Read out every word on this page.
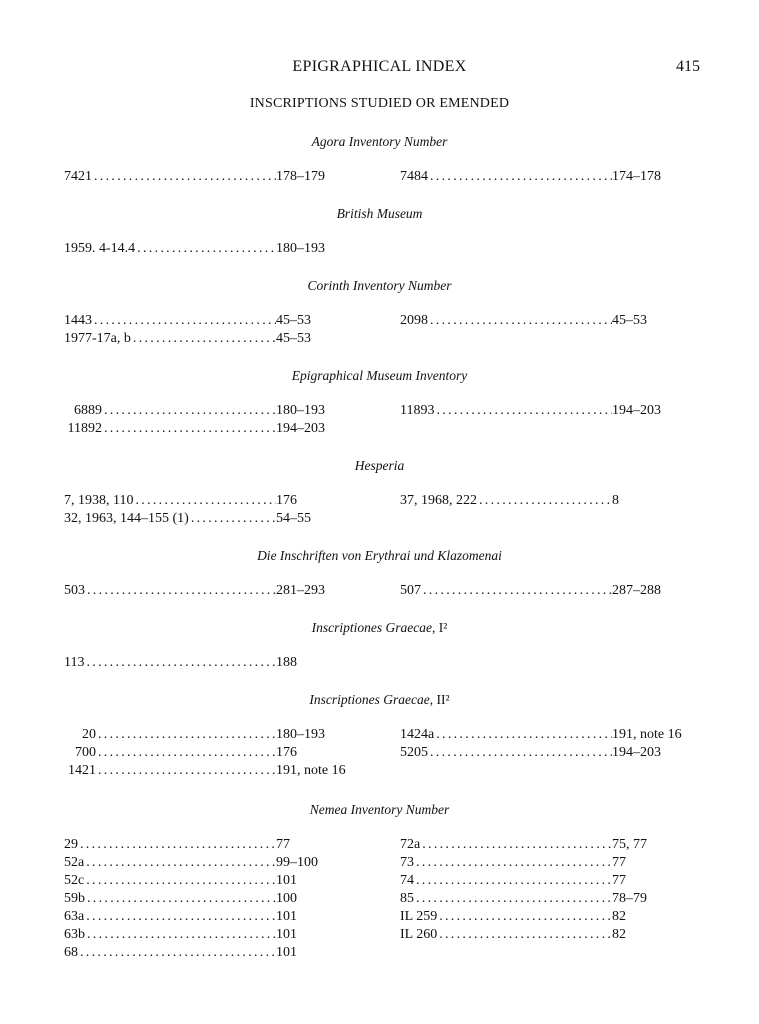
EPIGRAPHICAL INDEX	415
INSCRIPTIONS STUDIED OR EMENDED
Agora Inventory Number
7421 . . .	178–179	7484 . . .	174–178
British Museum
1959. 4-14.4 . . .	180–193
Corinth Inventory Number
1443 . . .	45–53
1977-17a, b . . .	45–53
2098 . . .	45–53
Epigraphical Museum Inventory
6889 . . .	180–193
11892 . . .	194–203
11893 . . .	194–203
Hesperia
7, 1938, 110 . . .	176
32, 1963, 144–155 (1) . . .	54–55
37, 1968, 222 . . .	8
Die Inschriften von Erythrai und Klazomenai
503 . . .	281–293	507 . . .	287–288
Inscriptiones Graecae, I²
113 . . .	188
Inscriptiones Graecae, II²
20 . . .	180–193
700 . . .	176
1421 . . .	191, note 16
1424a . . .	191, note 16
5205 . . .	194–203
Nemea Inventory Number
29 . . .	77
52a . . .	99–100
52c . . .	101
59b . . .	100
63a . . .	101
63b . . .	101
68 . . .	101
72a . . .	75, 77
73 . . .	77
74 . . .	77
85 . . .	78–79
IL 259 . . .	82
IL 260 . . .	82
